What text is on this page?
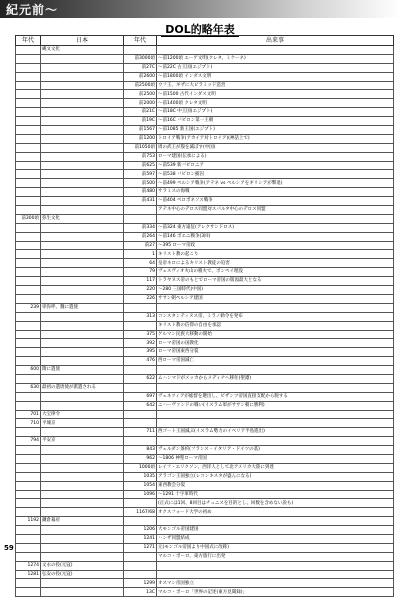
紀元前〜
DOL的略年表
年代	日本	年代	出来事
	縄文文化		
		前3000頃	〜前1200頃 エーゲ文明(クレタ、ミケーネ)
		前27C	〜前22C 古王国(エジプト)
		前2600	〜前1800頃 インダス文明
		前2500頃	ウフ王、ギザに大ピラミッド造営
		前2500	〜前1500 古代インダス文明
		前2000	〜前1400頃 クレタ文明
		前21C	〜前18C 中王国(エジプト)
		前19C	〜前16C バビロン第一王朝
		前1567	〜前1085 新王国(エジプト)
		前1200	トロイア戦争(アカイア対トロイア)(神話上で)
		前1050頃	周の武王が殷を滅ぼす(中国)
		前753	ローマ建国(伝承による)
		前625	〜前539 新バビロニア
		前597	〜前538 バビロン捕囚
		前500	〜前499 ペルシア戦争(アテネ vs ペルシアをギリシアが撃退)
		前480	サラミスの海戦
		前431	〜前404 ペロポネソス戦争
			アテネ中心のデロス同盟対スパルタ中心のデロス同盟
前300頃	弥生文化		
		前334	〜前324 東方遠征(アレクサンドロス)
		前264	〜前146 ポエニ戦争(3回)
		前27	〜395 ローマ帝政
		1	キリスト教の起こり
		64	皇帝ネロによるキリスト教徒の迫害
		79	ヴェスヴィオ火山の噴火で、ポンペイ埋没
		117	トラヤヌス帝のもとでローマ帝国の版図最大となる
		220	〜280 三国時代(中国)
		226	ササン朝ペルシア建国
239	卑弥呼、魏に遣使		
		313	コンスタンティヌス帝、ミラノ勅令を発布
			キリスト教の信仰の自由を承認
		375	ゲルマン民族大移動の開始
		392	ローマ帝国の国教化
		395	ローマ帝国東西分裂
		476	西ローマ帝国滅亡
600	隋に遣使		
		622	ムハンマドがメッカからメディナへ移住(聖遷)
630	最初の遣唐使が派遣される		
		697	ヴェネツィアが総督を選出し、ビザンツ帝国直接支配から脱する
		642	ニハーヴァンドの戦い(イスラム軍がササン朝に勝利)
701	大宝律令		
710	平城京		
		711	西ゴート王国滅ぶ(イスラム勢力のイベリア半島進出)
794	平安京		
		843	ヴェルダン条約(フランス・イタリア・ドイツの基)
		962	〜1806 神聖ローマ帝国
		1000頃	レイフ・エリクソン、西洋人として北アメリカ大陸に到達
		1035	アラゴン王国独立(レコンキスタが盛んになる)
		1054	東西教会分裂
		1096	〜1291 十字軍時代
			(正式には1回、8回目はチュニスを目的とし、回数を含めない説も)
		1167/68	オクスフォード大学の初め
1192	鎌倉幕府		
		1206	大モンゴル帝国建国
		1241	ハンザ同盟結成
		1271	元(モンゴル帝国より中国式に改称)
			マルコ・ポーロ、東方旅行に出発
1274	文永の役(元寇)		
1281	弘安の役(元寇)		
		1299	オスマン帝国独立
		13C	マルコ・ポーロ「世界の記述(東方見聞録)」
59
